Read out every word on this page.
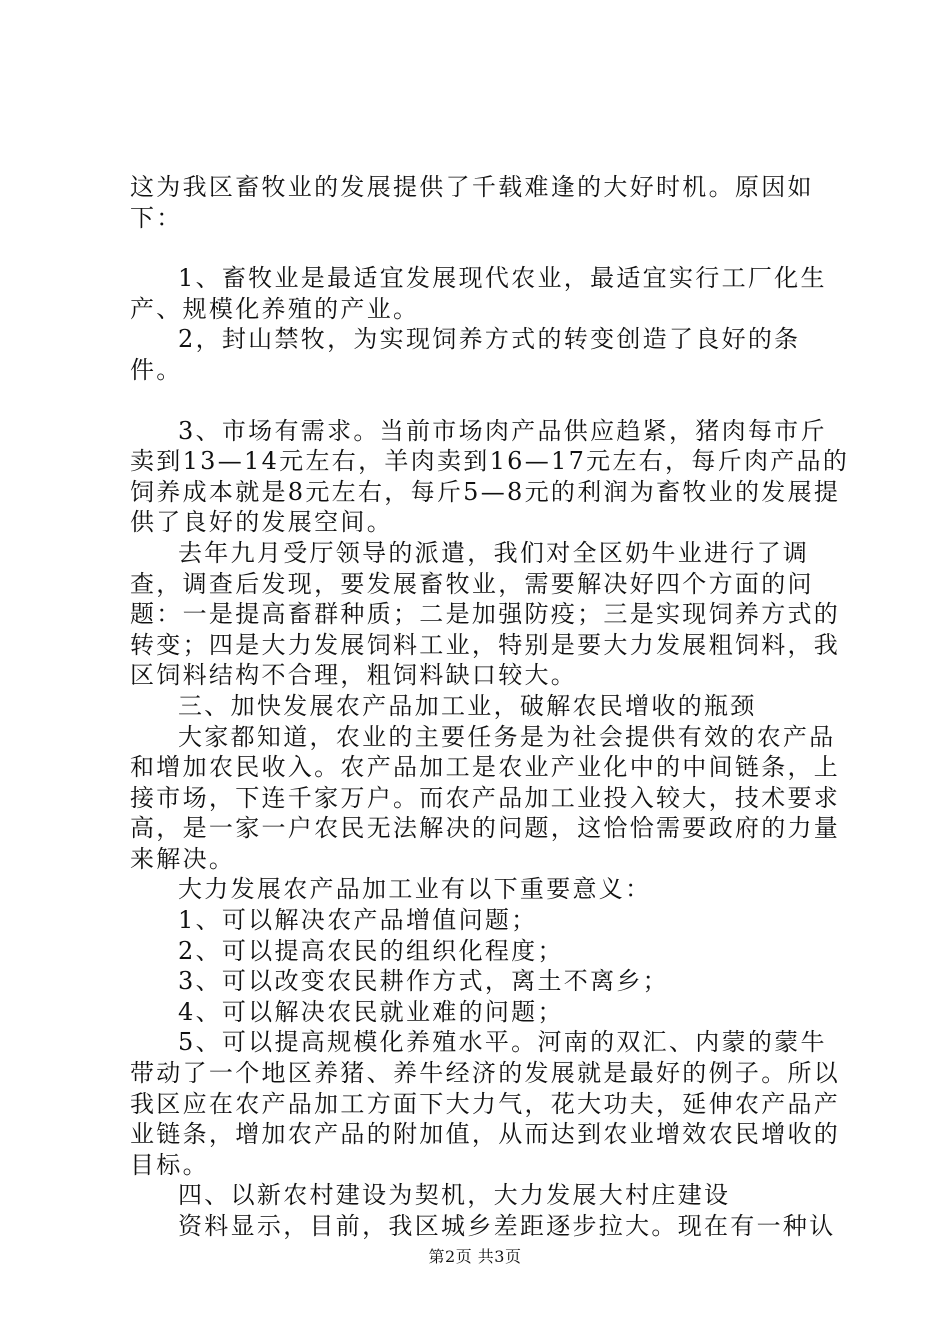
这为我区畜牧业的发展提供了千载难逢的大好时机。原因如下：

1、畜牧业是最适宜发展现代农业，最适宜实行工厂化生产、规模化养殖的产业。

2，封山禁牧，为实现饲养方式的转变创造了良好的条件。

3、市场有需求。当前市场肉产品供应趋紧，猪肉每市斤卖到13—14元左右，羊肉卖到16—17元左右，每斤肉产品的饲养成本就是8元左右，每斤5—8元的利润为畜牧业的发展提供了良好的发展空间。

去年九月受厅领导的派遣，我们对全区奶牛业进行了调查，调查后发现，要发展畜牧业，需要解决好四个方面的问题：一是提高畜群种质；二是加强防疫；三是实现饲养方式的转变；四是大力发展饲料工业，特别是要大力发展粗饲料，我区饲料结构不合理，粗饲料缺口较大。

三、加快发展农产品加工业，破解农民增收的瓶颈

大家都知道，农业的主要任务是为社会提供有效的农产品和增加农民收入。农产品加工是农业产业化中的中间链条，上接市场，下连千家万户。而农产品加工业投入较大，技术要求高，是一家一户农民无法解决的问题，这恰恰需要政府的力量来解决。

大力发展农产品加工业有以下重要意义：

1、可以解决农产品增值问题；

2、可以提高农民的组织化程度；

3、可以改变农民耕作方式，离土不离乡；

4、可以解决农民就业难的问题；

5、可以提高规模化养殖水平。河南的双汇、内蒙的蒙牛带动了一个地区养猪、养牛经济的发展就是最好的例子。所以我区应在农产品加工方面下大力气，花大功夫，延伸农产品产业链条，增加农产品的附加值，从而达到农业增效农民增收的目标。

四、以新农村建设为契机，大力发展大村庄建设

资料显示，目前，我区城乡差距逐步拉大。现在有一种认

第2页 共3页
